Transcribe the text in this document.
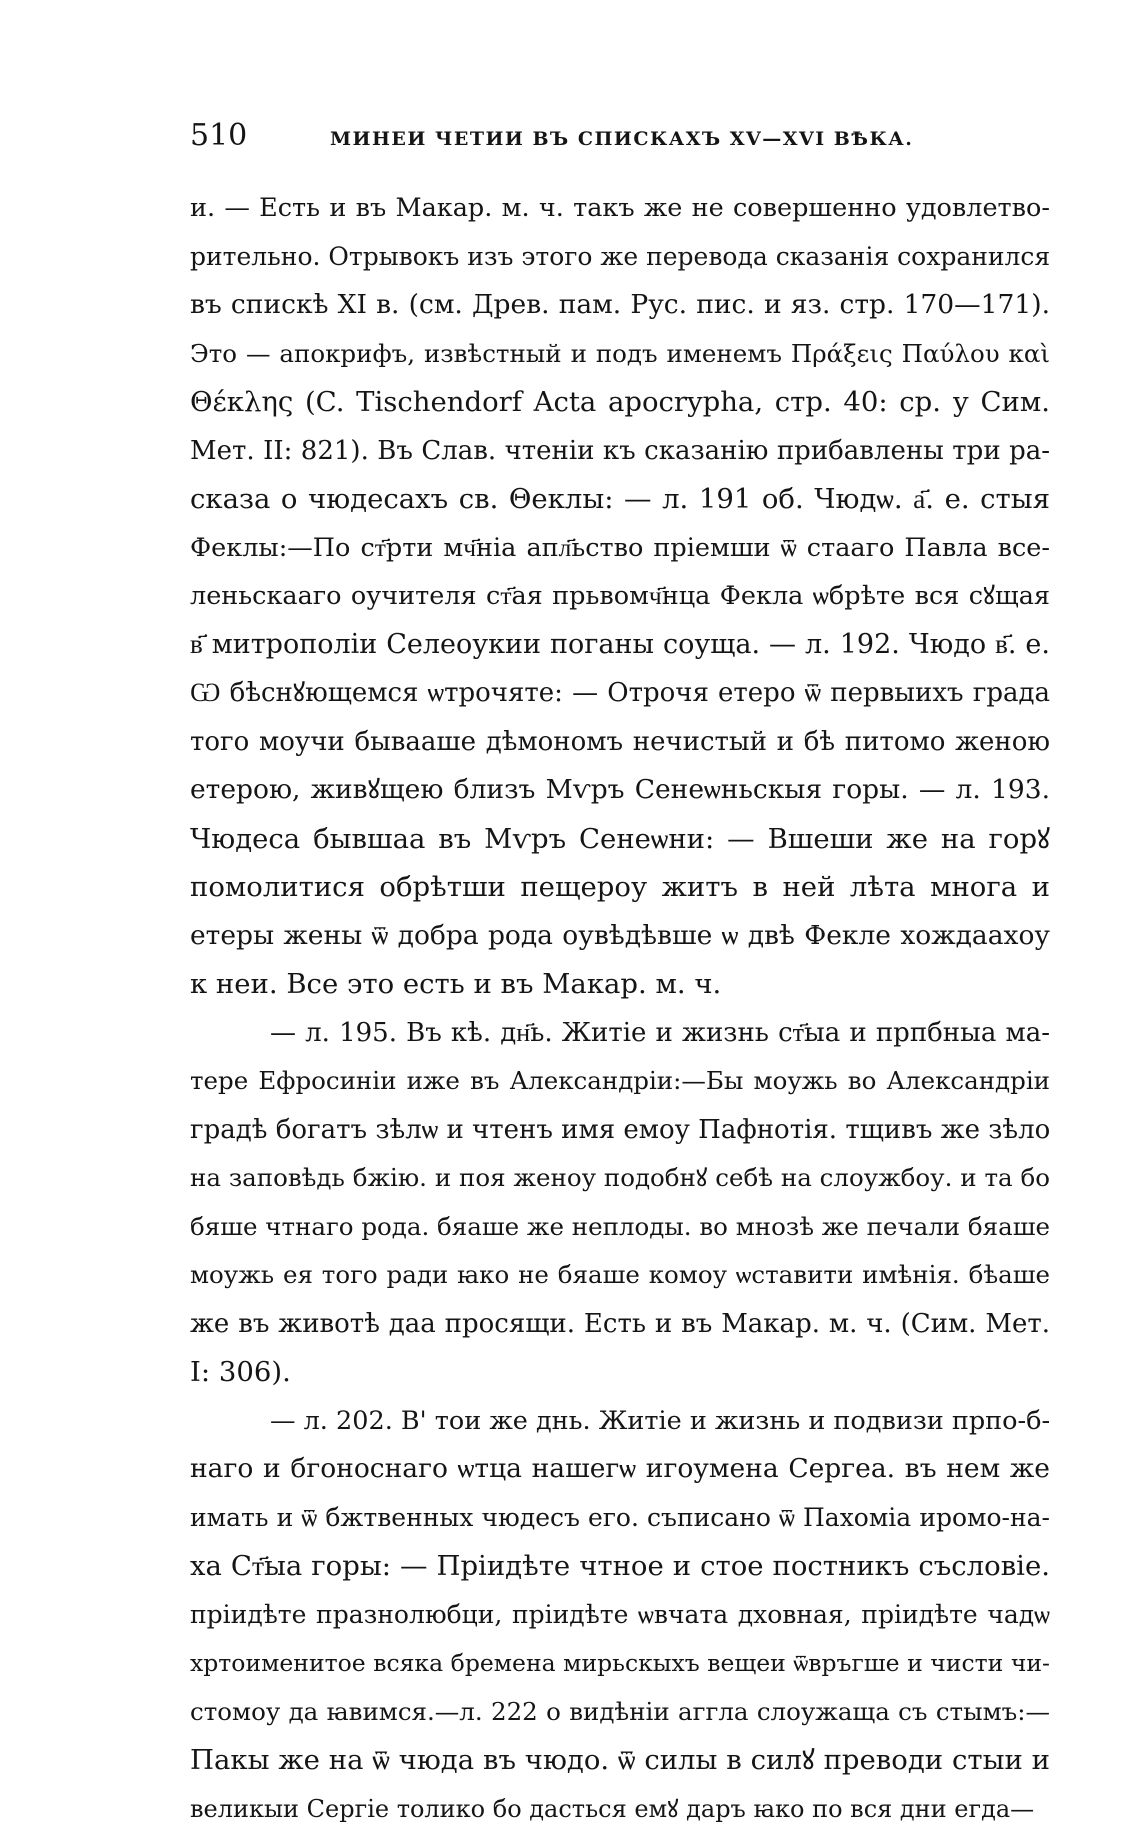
510	МИНЕИ ЧЕТИИ ВЪ СПИСКАХЪ XV—XVI ВѢКА.
и. — Есть и въ Макар. м. ч. такъ же не совершенно удовлетво-
рительно. Отрывокъ изъ этого же перевода сказанія сохранился
въ спискѣ XI в. (см. Древ. пам. Рус. пис. и яз. стр. 170—171).
Это — апокрифъ, извѣстный и подъ именемъ Πράξεις Παύλου καὶ
Θέκλης (C. Tischendorf Acta apocrypha, стр. 40: ср. у Сим.
Мет. II: 821). Въ Слав. чтеніи къ сказанію прибавлены три ра-
сказа о чюдесахъ св. Θеклы: — л. 191 об. Чюдѡ. а҃. е. стыя
Феклы:—По ст҃рти мч҃ніа апл҃ьство пріемши ѿ стаагo Павла все-
леньскааго оучителя ст҃ая прьвомч҃нца Фекла ѡбрѣте вся сꙋщая
в҃ митрополіи Селеоукии поганы соуща. — л. 192. Чюдо в҃. е.
Ѡ бѣснꙋющемся ѡтрочяте: — Отрочя етеро ѿ первыихъ града
того моучи бываaше дѣмономъ нечистый и бѣ питомо женою
етерою, живꙋщею близъ Мѵръ Сенеѡньскыя горы. — л. 193.
Чюдеса бывшаа въ Мѵръ Сенеѡни: — Вшеши же на горꙋ
помолитися обрѣтши пещероу житъ в ней лѣта многа и
етеры жены ѿ добра рода оувѣдѣвше ѡ двѣ Фекле хождаахоу
к неи. Все это есть и въ Макар. м. ч.
— л. 195. Въ кѣ. дн҃ь. Житіе и жизнь ст҃ыа и прпбныа ма-
тере Ефросиніи иже въ Александріи:—Бы моужь во Александріи
градѣ богатъ зѣлѡ и чтенъ имя емоу Пафнотія. тщивъ же зѣло
на заповѣдь бжію. и поя женоу подобнꙋ себѣ на слоужбоу. и та бо
бяше чтнаго рода. бяаше же неплоды. во мнозѣ же печали бяаше
моужь ея того ради ꙗко не бяаше комоу ѡставити имѣнія. бѣаше
же въ животѣ даа просящи. Есть и въ Макар. м. ч. (Сим. Мет.
I: 306).
— л. 202. В' тои же днь. Житіе и жизнь и подвизи прпо-б-
наго и бгоноснаго ѡтца нашегѡ игоумена Сергеа. въ нем же
имать и ѿ бжтвенных чюдесъ его. съписано ѿ Пахоміа иромо-на-
ха Ст҃ыа горы: — Пріидѣте чтное и стое постникъ съсловіе.
пріидѣте празнолюбци, пріидѣте ѡвчата дховная, пріидѣте чадѡ
хртоименитое всяка бремена мирьскыхъ вещеи ѿвръгше и чисти чи-
стомоу да ꙗвимся.—л. 222 о видѣніи аггла слоужаща съ стымъ:—
Пакы же на ѿ чюда въ чюдо. ѿ силы в силꙋ преводи стыи и
великыи Сергіе толико бо дасться емꙋ даръ ꙗко по вся дни егда—
